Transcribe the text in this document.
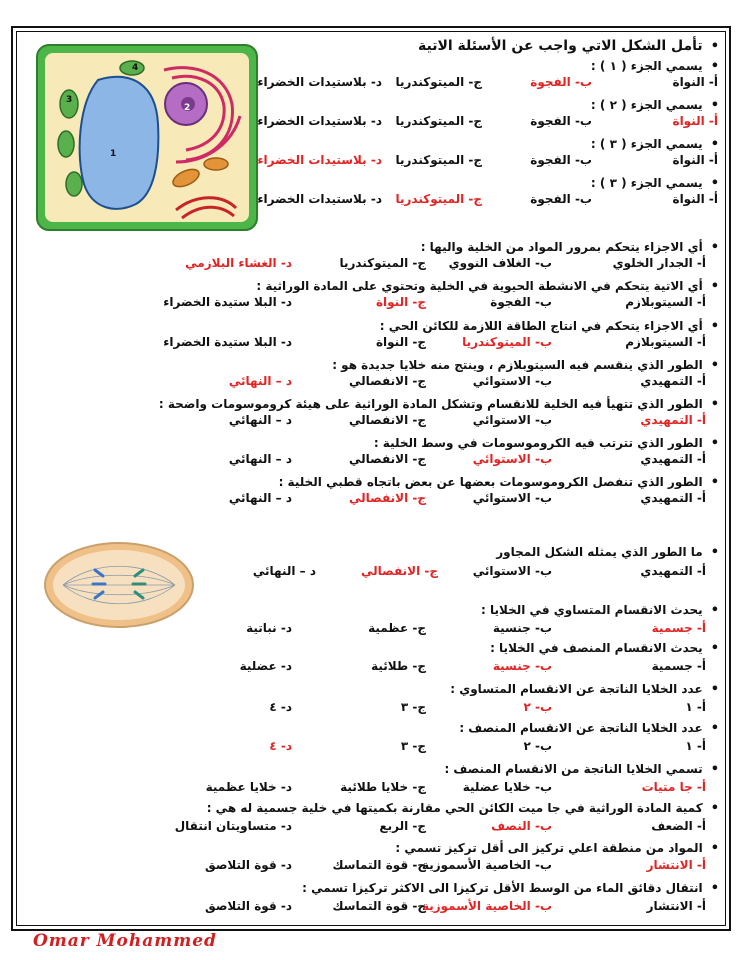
1
2
3
4
• تأمل الشكل الاتي واجب عن الأسئلة الاتية
• يسمي الجزء ( ١ ) :
أ- النواة
ب- الفجوة
ج- الميتوكندريا
د- بلاستيدات الخضراء
• يسمي الجزء ( ٢ ) :
أ- النواة
ب- الفجوة
ج- الميتوكندريا
د- بلاستيدات الخضراء
• يسمي الجزء ( ٣ ) :
أ- النواة
ب- الفجوة
ج- الميتوكندريا
د- بلاستيدات الخضراء
• يسمي الجزء ( ٣ ) :
أ- النواة
ب- الفجوة
ج- الميتوكندريا
د- بلاستيدات الخضراء
• أي الاجزاء يتحكم بمرور المواد من الخلية واليها :
أ- الجدار الخلوي
ب- الغلاف النووي
ج- الميتوكندريا
د- الغشاء البلازمي
• أي الاتية يتحكم في الانشطة الحيوية في الخلية وتحتوي على المادة الوراثية :
أ- السيتوبلازم
ب- الفجوة
ج- النواة
د- البلا ستيدة الخضراء
• أي الاجزاء يتحكم في انتاج الطاقة اللازمة للكائن الحي :
أ- السيتوبلازم
ب- الميتوكندريا
ج- النواة
د- البلا ستيدة الخضراء
• الطور الذي ينقسم فيه السيتوبلازم ، وينتج منه خلايا جديدة هو :
أ- التمهيدي
ب- الاستوائي
ج- الانفصالي
د – النهائي
• الطور الذي تتهيأ فيه الخلية للانقسام وتشكل المادة الوراثية على هيئة كروموسومات واضحة :
أ- التمهيدي
ب- الاستوائي
ج- الانفصالي
د – النهائي
• الطور الذي تترتب فيه الكروموسومات في وسط الخلية :
أ- التمهيدي
ب- الاستوائي
ج- الانفصالي
د – النهائي
• الطور الذي تنفصل الكروموسومات بعضها عن بعض باتجاه قطبي الخلية :
أ- التمهيدي
ب- الاستوائي
ج- الانفصالي
د – النهائي
• ما الطور الذي يمثله الشكل المجاور
أ- التمهيدي
ب- الاستوائي
ج- الانفصالي
د – النهائي
• يحدث الانقسام المتساوي في الخلايا :
أ- جسمية
ب- جنسية
ج- عظمية
د- نباتية
• يحدث الانقسام المنصف في الخلايا :
أ- جسمية
ب- جنسية
ج- طلائية
د- عضلية
• عدد الخلايا الناتجة عن الانقسام المتساوي :
أ- ١
ب- ٢
ج- ٣
د- ٤
• عدد الخلايا الناتجة عن الانقسام المنصف :
أ- ١
ب- ٢
ج- ٣
د- ٤
• تسمي الخلايا الناتجة من الانقسام المنصف :
أ- جا متيات
ب- خلايا عضلية
ج- خلايا طلائية
د- خلايا عظمية
• كمية المادة الوراثية في جا ميت الكائن الحي مقارنة بكميتها في خلية جسمية له هي :
أ- الضعف
ب- النصف
ج- الربع
د- متساويتان انتقال
• المواد من منطقة اعلي تركيز الى أقل تركيز تسمي :
أ- الانتشار
ب- الخاصية الأسموزية
ج- قوة التماسك
د- قوة التلاصق
• انتقال دقائق الماء من الوسط الأقل تركيزا الى الاكثر تركيزا تسمي :
أ- الانتشار
ب- الخاصية الأسموزية
ج- قوة التماسك
د- قوة التلاصق
Omar Mohammed
